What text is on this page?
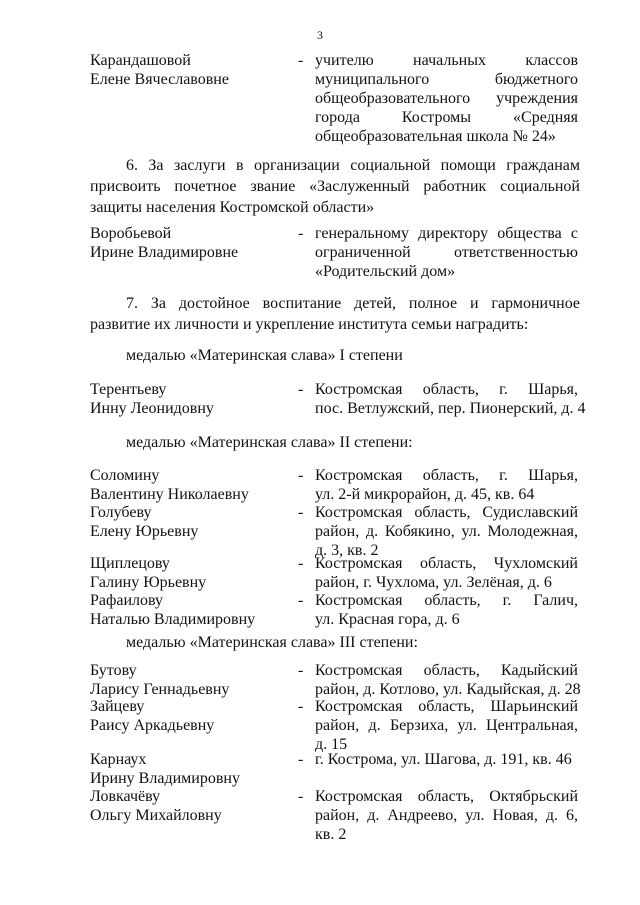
3
Карандашовой
Елене Вячеславовне
- учителю начальных классов
муниципального бюджетного
общеобразовательного учреждения
города Костромы «Средняя
общеобразовательная школа № 24»
6. За заслуги в организации социальной помощи гражданам присвоить почетное звание «Заслуженный работник социальной защиты населения Костромской области»
Воробьевой
Ирине Владимировне
- генеральному директору общества с
ограниченной ответственностью
«Родительский дом»
7. За достойное воспитание детей, полное и гармоничное развитие их личности и укрепление института семьи наградить:
медалью «Материнская слава» I степени
Терентьеву
Инну Леонидовну
- Костромская область, г. Шарья,
пос. Ветлужский, пер. Пионерский, д. 4
медалью «Материнская слава» II степени:
Соломину
Валентину Николаевну
- Костромская область, г. Шарья,
ул. 2-й микрорайон, д. 45, кв. 64
Голубеву
Елену Юрьевну
- Костромская область, Судиславский
район, д. Кобякино, ул. Молодежная,
д. 3, кв. 2
Щиплецову
Галину Юрьевну
- Костромская область, Чухломский
район, г. Чухлома, ул. Зелёная, д. 6
Рафаилову
Наталью Владимировну
- Костромская область, г. Галич,
ул. Красная гора, д. 6
медалью «Материнская слава» III степени:
Бутову
Ларису Геннадьевну
- Костромская область, Кадыйский
район, д. Котлово, ул. Кадыйская, д. 28
Зайцеву
Раису Аркадьевну
- Костромская область, Шарьинский
район, д. Берзиха, ул. Центральная,
д. 15
Карнаух
Ирину Владимировну
- г. Кострома, ул. Шагова, д. 191, кв. 46
Ловкачёву
Ольгу Михайловну
- Костромская область, Октябрьский
район, д. Андреево, ул. Новая, д. 6,
кв. 2
